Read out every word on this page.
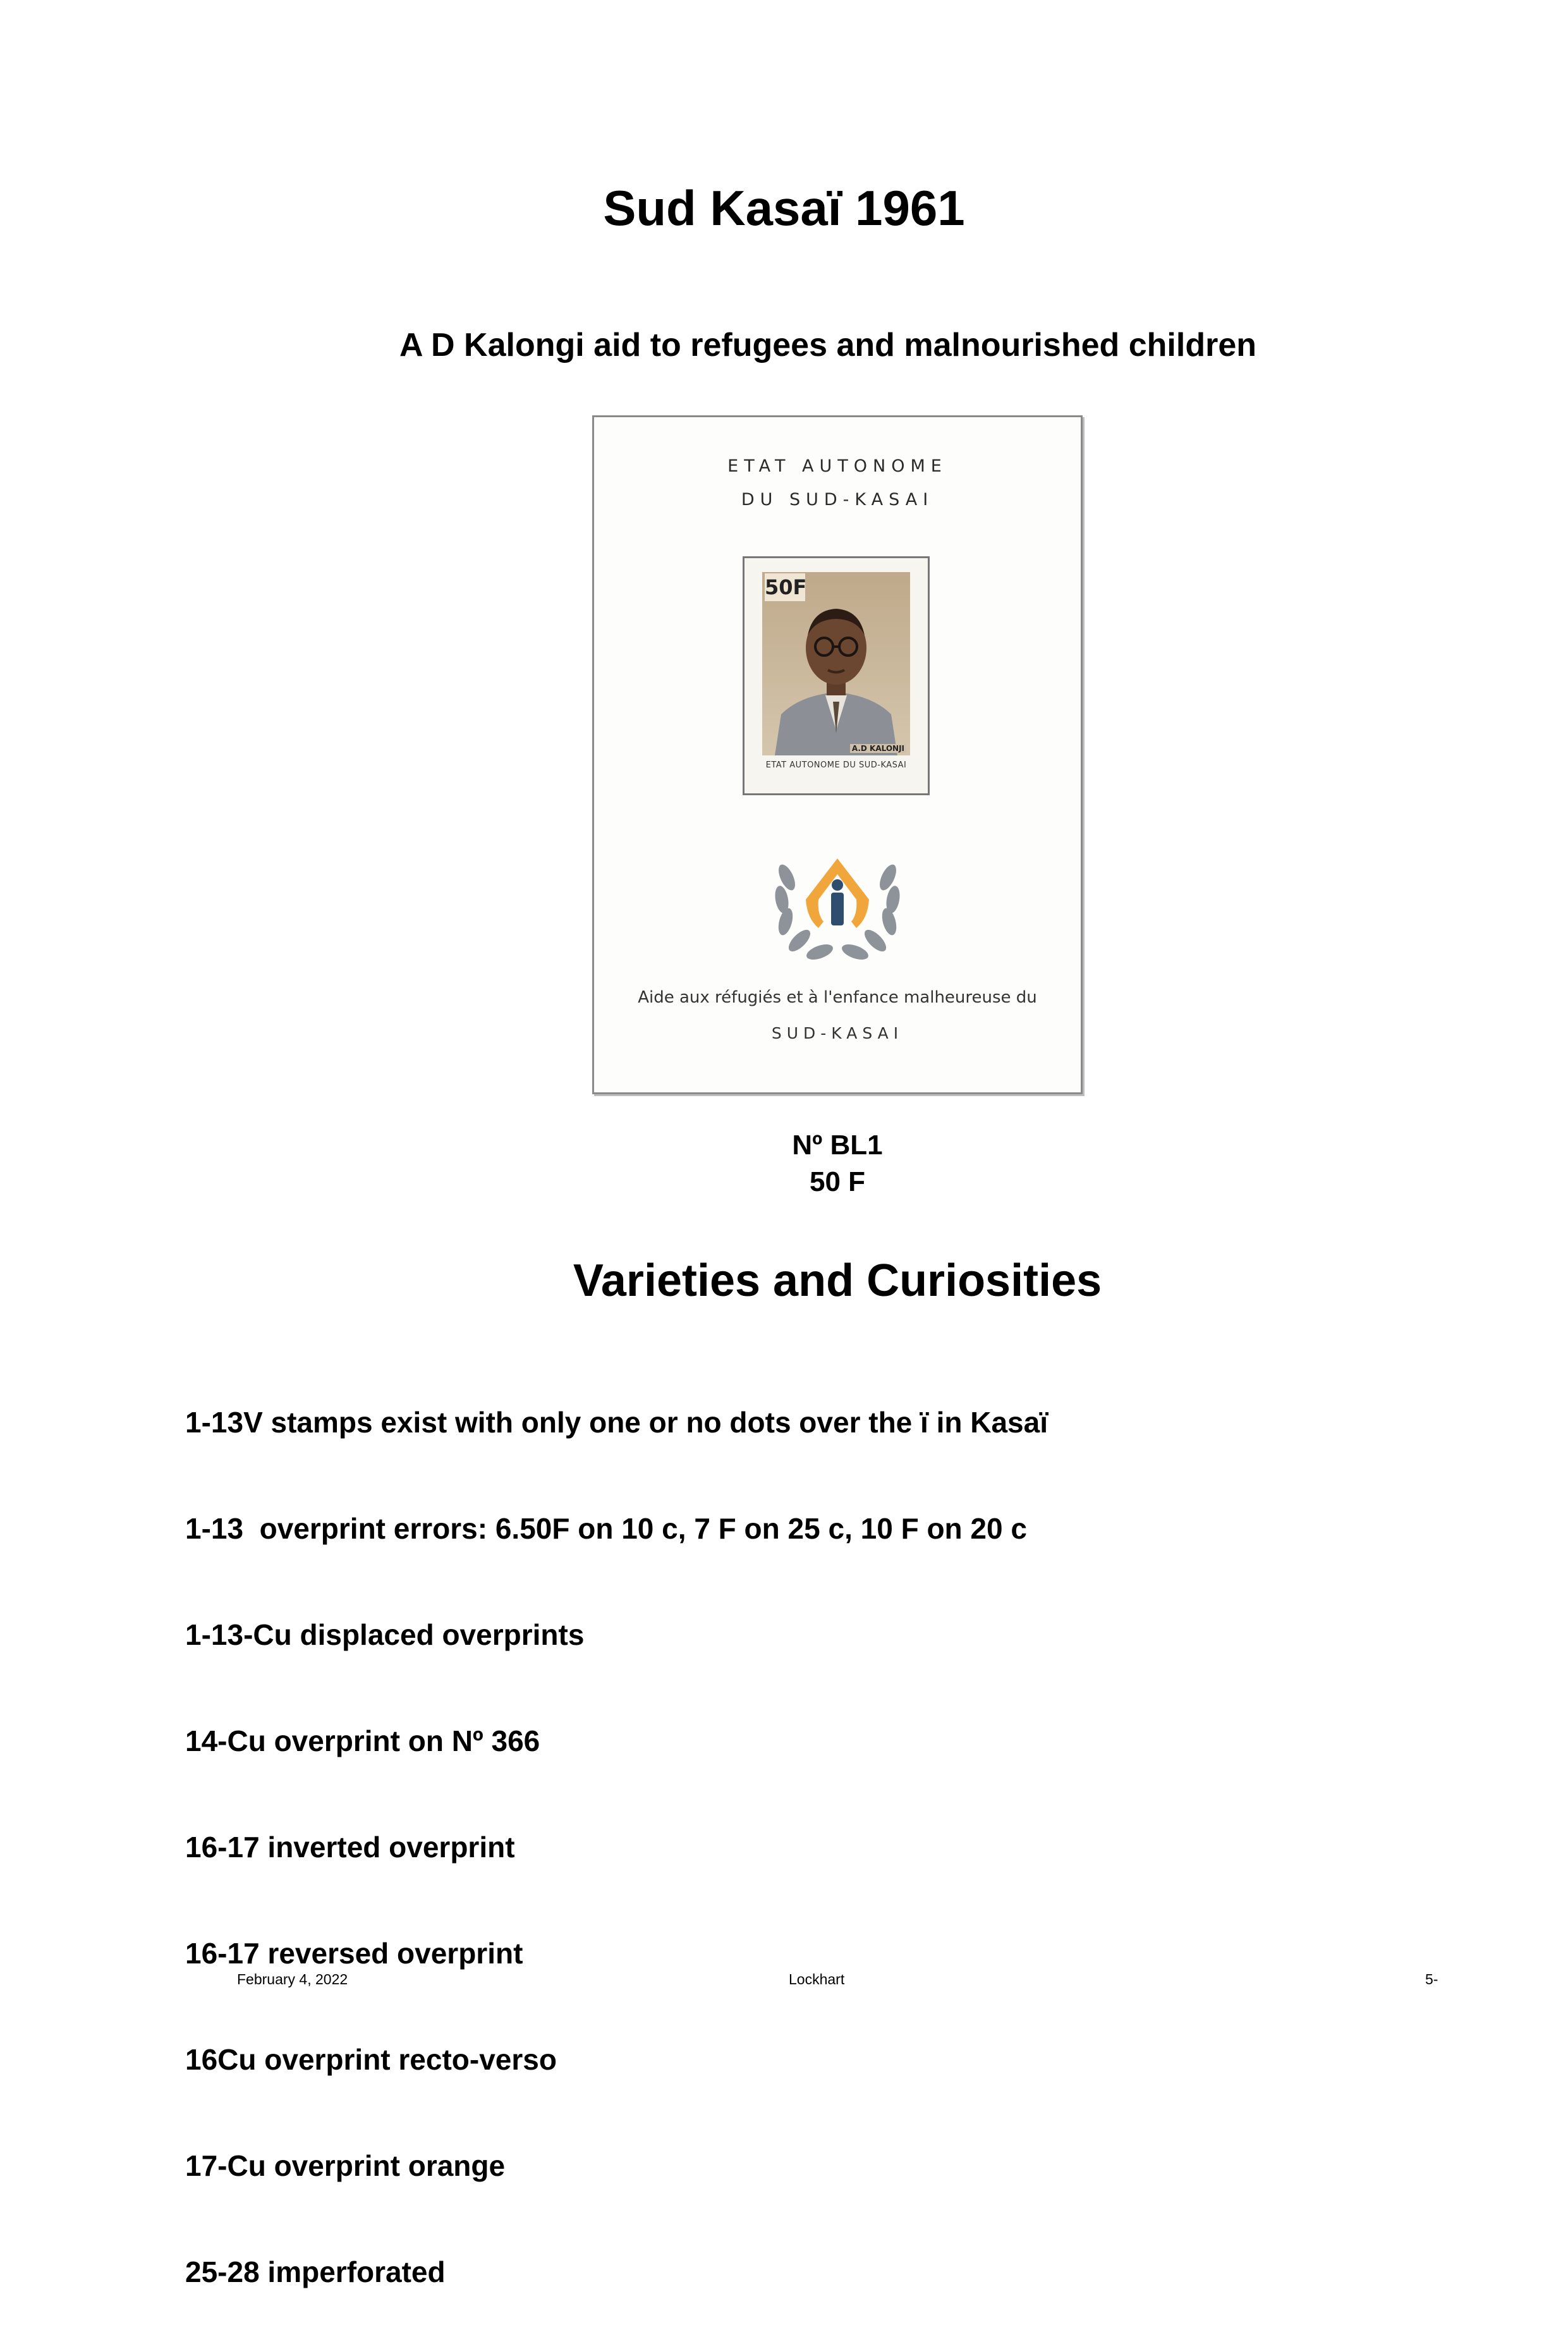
Sud Kasaï 1961
A D Kalongi aid to refugees and malnourished children
ETAT AUTONOME
DU SUD-KASAI
50F
A.D KALONJI
ETAT AUTONOME DU SUD-KASAI
Aide aux réfugiés et à l'enfance malheureuse du
SUD-KASAI
Nº BL1
50 F
Varieties and Curiosities

1-13V stamps exist with only one or no dots over the ï in Kasaï

1-13  overprint errors: 6.50F on 10 c, 7 F on 25 c, 10 F on 20 c

1-13-Cu displaced overprints

14-Cu overprint on Nº 366

16-17 inverted overprint

16-17 reversed overprint

16Cu overprint recto-verso

17-Cu overprint orange

25-28 imperforated

February 4, 2022	Lockhart	5-
